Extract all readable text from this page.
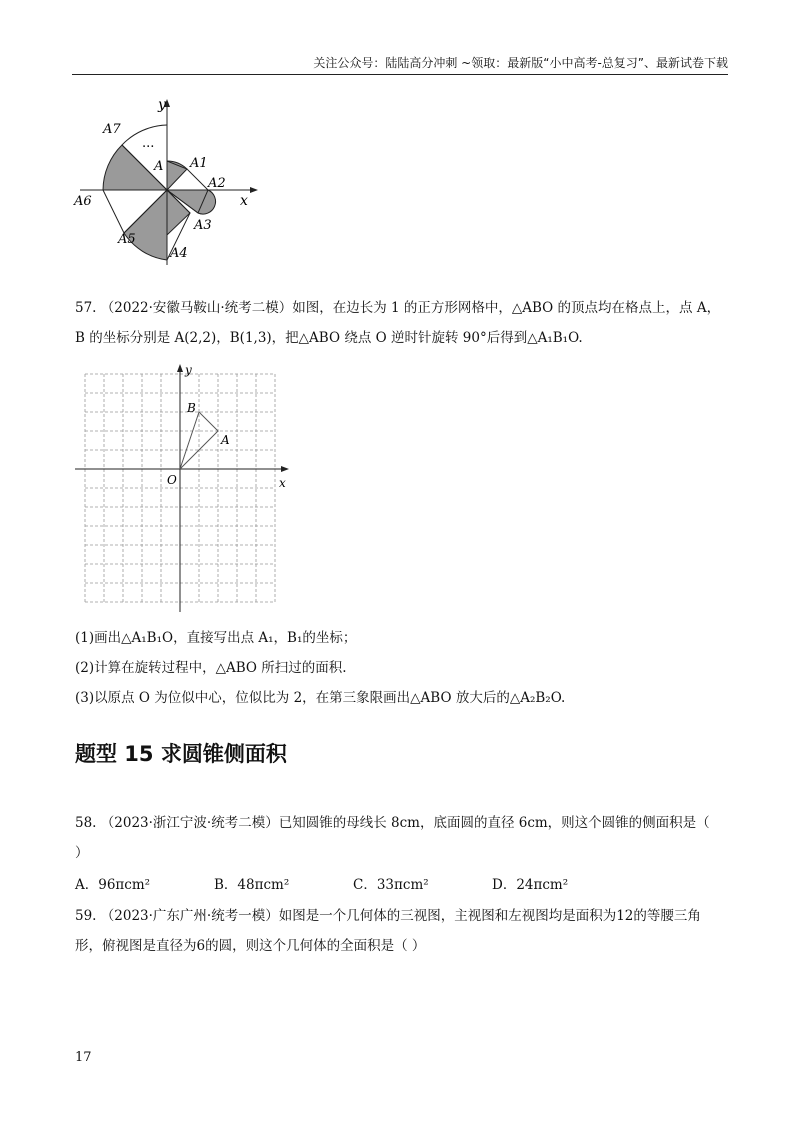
关注公众号：陆陆高分冲刺 ~领取：最新版“小中高考-总复习”、最新试卷下载
y
A7
...
A A1
A2
x
A6
A3
A5
A4
57. （2022·安徽马鞍山·统考二模）如图，在边长为 1 的正方形网格中，△ABO 的顶点均在格点上，点 A，
B 的坐标分别是 A(2,2)，B(1,3)，把△ABO 绕点 O 逆时针旋转 90°后得到△A₁B₁O.
y
B
A
O	x
(1)画出△A₁B₁O，直接写出点 A₁，B₁的坐标；
(2)计算在旋转过程中，△ABO 所扫过的面积.
(3)以原点 O 为位似中心，位似比为 2，在第三象限画出△ABO 放大后的△A₂B₂O.
题型 15 求圆锥侧面积
58. （2023·浙江宁波·统考二模）已知圆锥的母线长 8cm，底面圆的直径 6cm，则这个圆锥的侧面积是（
）
A．96πcm²	B．48πcm²	C．33πcm²	D．24πcm²
59. （2023·广东广州·统考一模）如图是一个几何体的三视图，主视图和左视图均是面积为12的等腰三角
形，俯视图是直径为6的圆，则这个几何体的全面积是（ ）
17
